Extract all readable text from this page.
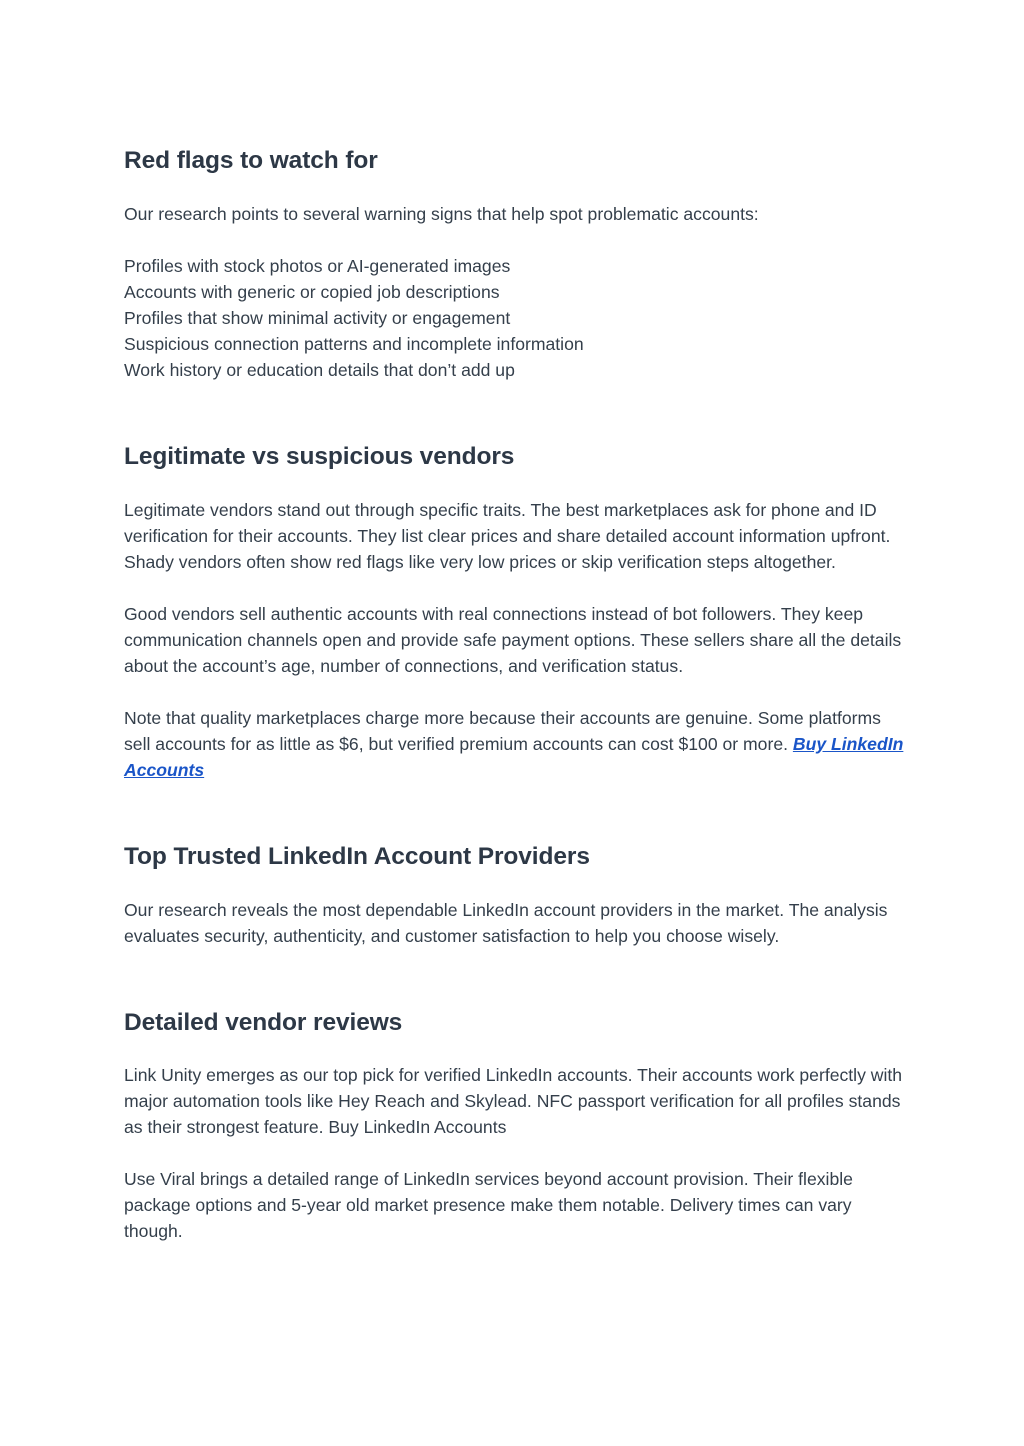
Red flags to watch for

Our research points to several warning signs that help spot problematic accounts:

Profiles with stock photos or AI-generated images
Accounts with generic or copied job descriptions
Profiles that show minimal activity or engagement
Suspicious connection patterns and incomplete information
Work history or education details that don’t add up
Legitimate vs suspicious vendors

Legitimate vendors stand out through specific traits. The best marketplaces ask for phone and ID verification for their accounts. They list clear prices and share detailed account information upfront. Shady vendors often show red flags like very low prices or skip verification steps altogether.

Good vendors sell authentic accounts with real connections instead of bot followers. They keep communication channels open and provide safe payment options. These sellers share all the details about the account’s age, number of connections, and verification status.

Note that quality marketplaces charge more because their accounts are genuine. Some platforms sell accounts for as little as $6, but verified premium accounts can cost $100 or more. Buy LinkedIn Accounts

Top Trusted LinkedIn Account Providers

Our research reveals the most dependable LinkedIn account providers in the market. The analysis evaluates security, authenticity, and customer satisfaction to help you choose wisely.

Detailed vendor reviews

Link Unity emerges as our top pick for verified LinkedIn accounts. Their accounts work perfectly with major automation tools like Hey Reach and Skylead. NFC passport verification for all profiles stands as their strongest feature. Buy LinkedIn Accounts

Use Viral brings a detailed range of LinkedIn services beyond account provision. Their flexible package options and 5-year old market presence make them notable. Delivery times can vary though.
